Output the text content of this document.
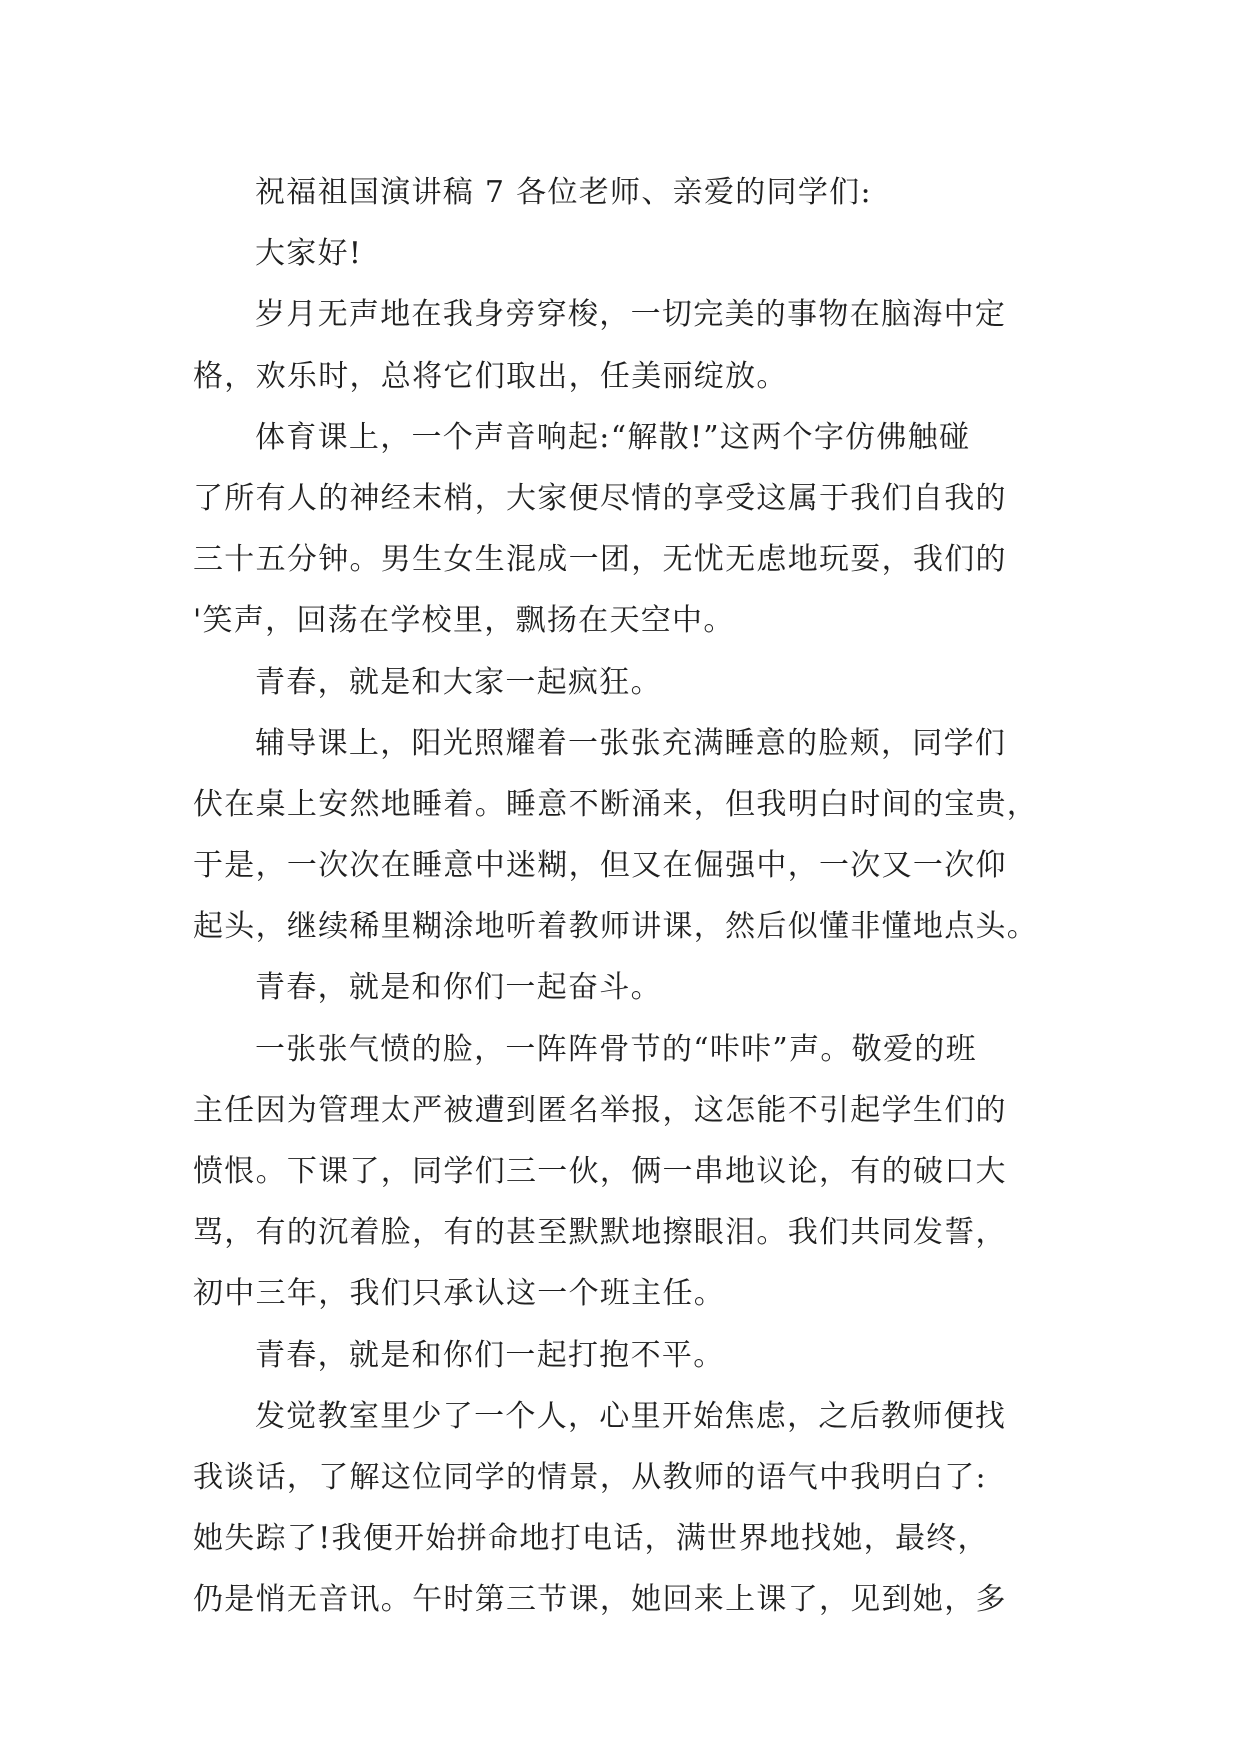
祝福祖国演讲稿 7 各位老师、亲爱的同学们:
大家好!
岁月无声地在我身旁穿梭，一切完美的事物在脑海中定
格，欢乐时，总将它们取出，任美丽绽放。
体育课上，一个声音响起:“解散!”这两个字仿佛触碰
了所有人的神经末梢，大家便尽情的享受这属于我们自我的
三十五分钟。男生女生混成一团，无忧无虑地玩耍，我们的
'笑声，回荡在学校里，飘扬在天空中。
青春，就是和大家一起疯狂。
辅导课上，阳光照耀着一张张充满睡意的脸颊，同学们
伏在桌上安然地睡着。睡意不断涌来，但我明白时间的宝贵，
于是，一次次在睡意中迷糊，但又在倔强中，一次又一次仰
起头，继续稀里糊涂地听着教师讲课，然后似懂非懂地点头。
青春，就是和你们一起奋斗。
一张张气愤的脸，一阵阵骨节的“咔咔”声。敬爱的班
主任因为管理太严被遭到匿名举报，这怎能不引起学生们的
愤恨。下课了，同学们三一伙，俩一串地议论，有的破口大
骂，有的沉着脸，有的甚至默默地擦眼泪。我们共同发誓，
初中三年，我们只承认这一个班主任。
青春，就是和你们一起打抱不平。
发觉教室里少了一个人，心里开始焦虑，之后教师便找
我谈话，了解这位同学的情景，从教师的语气中我明白了:
她失踪了!我便开始拼命地打电话，满世界地找她，最终，
仍是悄无音讯。午时第三节课，她回来上课了，见到她，多
